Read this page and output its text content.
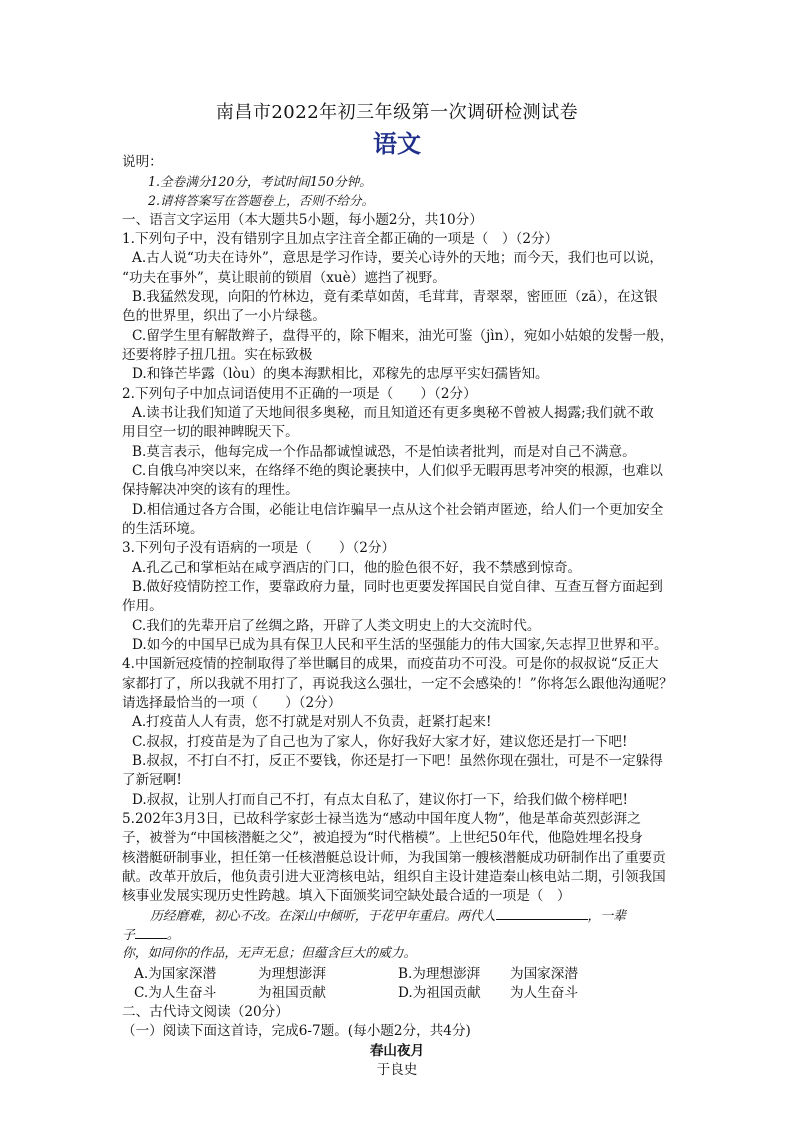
南昌市2022年初三年级第一次调研检测试卷
语文
说明：
1.全卷满分120分，考试时间150分钟。
2.请将答案写在答题卷上，否则不给分。
一、语言文字运用（本大题共5小题，每小题2分，共10分）
1.下列句子中，没有错别字且加点字注音全都正确的一项是（　）（2分）
A.古人说“功夫在诗外”，意思是学习作诗，要关心诗外的天地；而今天，我们也可以说，
“功夫在事外”，莫让眼前的锁眉（xuè）遮挡了视野。
B.我猛然发现，向阳的竹林边，竟有柔草如茵，毛茸茸，青翠翠，密匝匝（zā），在这银
色的世界里，织出了一小片绿毯。
C.留学生里有解散辫子，盘得平的，除下帽来，油光可鉴（jìn），宛如小姑娘的发髻一般，
还要将脖子扭几扭。实在标致极
D.和锋芒毕露（lòu）的奥本海默相比，邓稼先的忠厚平实妇孺皆知。
2.下列句子中加点词语使用不正确的一项是（　　）（2分）
A.读书让我们知道了天地间很多奥秘，而且知道还有更多奥秘不曾被人揭露;我们就不敢
用目空一切的眼神睥睨天下。
B.莫言表示，他每完成一个作品都诚惶诚恐，不是怕读者批判，而是对自己不满意。
C.自俄乌冲突以来，在络绎不绝的舆论裹挟中，人们似乎无暇再思考冲突的根源，也难以
保持解决冲突的该有的理性。
D.相信通过各方合围，必能让电信诈骗早一点从这个社会销声匿迹，给人们一个更加安全
的生活环境。
3.下列句子没有语病的一项是（　　）（2分）
A.孔乙己和掌柜站在咸亨酒店的门口，他的脸色很不好，我不禁感到惊奇。
B.做好疫情防控工作，要靠政府力量，同时也更要发挥国民自觉自律、互查互督方面起到
作用。
C.我们的先辈开启了丝绸之路，开辟了人类文明史上的大交流时代。
D.如今的中国早已成为具有保卫人民和平生活的坚强能力的伟大国家,矢志捍卫世界和平。
4.中国新冠疫情的控制取得了举世瞩目的成果，而疫苗功不可没。可是你的叔叔说“反正大
家都打了，所以我就不用打了，再说我这么强壮，一定不会感染的！”你将怎么跟他沟通呢？
请选择最恰当的一项（　　）（2分）
A.打疫苗人人有责，您不打就是对别人不负责，赶紧打起来!
C.叔叔，打疫苗是为了自己也为了家人，你好我好大家才好，建议您还是打一下吧!
B.叔叔，不打白不打，反正不要钱，你还是打一下吧！虽然你现在强壮，可是不一定躲得
了新冠啊!
D.叔叔，让别人打而自己不打，有点太自私了，建议你打一下，给我们做个榜样吧!
5.202年3月3日，已故科学家彭士禄当选为“感动中国年度人物”，他是革命英烈彭湃之
子，被誉为“中国核潜艇之父”，被追授为“时代楷模”。上世纪50年代，他隐姓埋名投身
核潜艇研制事业，担任第一任核潜艇总设计师，为我国第一艘核潜艇成功研制作出了重要贡
献。改革开放后，他负责引进大亚湾核电站，组织自主设计建造秦山核电站二期，引领我国
核事业发展实现历史性跨越。填入下面颁奖词空缺处最合适的一项是（　）
历经磨难，初心不改。在深山中倾听，于花甲年重启。两代人	，一辈
子	。
你，如同你的作品，无声无息；但蕴含巨大的威力。
A.为国家深潜	为理想澎湃	B.为理想澎湃 为国家深潜
C.为人生奋斗	为祖国贡献	D.为祖国贡献 为人生奋斗
二、古代诗文阅读（20分）
（一）阅读下面这首诗，完成6-7题。(每小题2分，共4分)
春山夜月
于良史
